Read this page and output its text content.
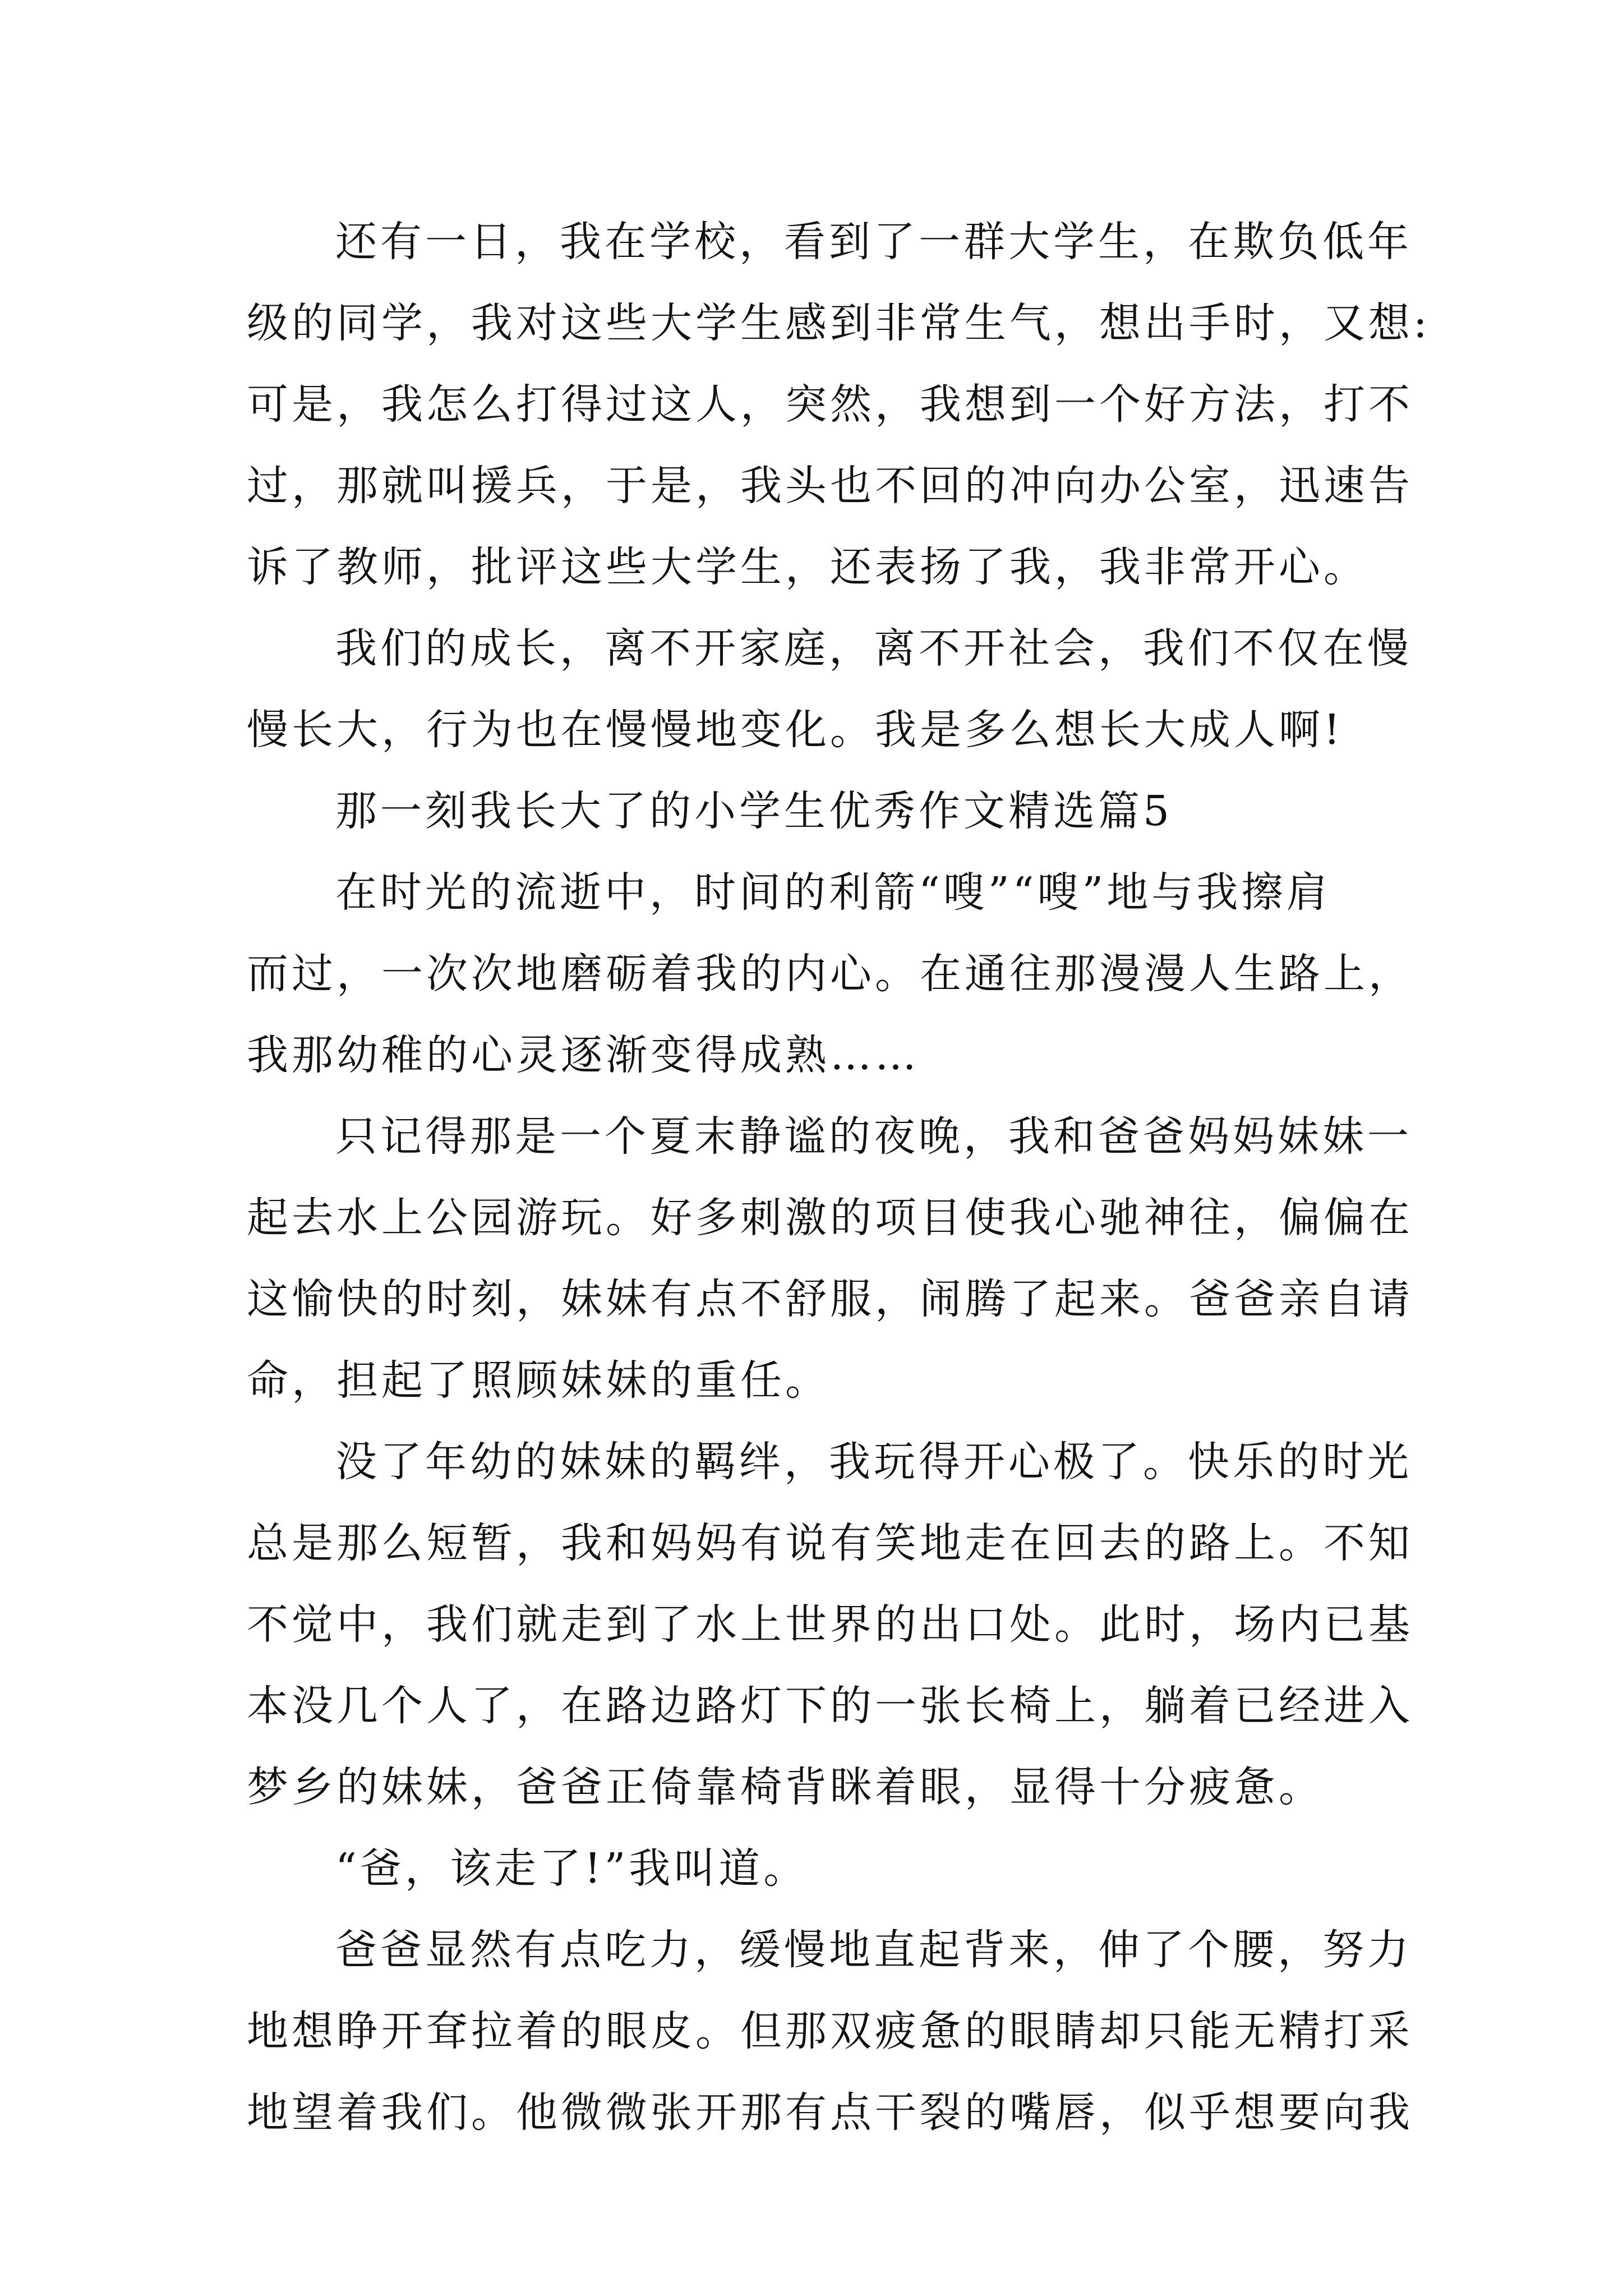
还有一日，我在学校，看到了一群大学生，在欺负低年

级的同学，我对这些大学生感到非常生气，想出手时，又想:

可是，我怎么打得过这人，突然，我想到一个好方法，打不

过，那就叫援兵，于是，我头也不回的冲向办公室，迅速告

诉了教师，批评这些大学生，还表扬了我，我非常开心。

我们的成长，离不开家庭，离不开社会，我们不仅在慢

慢长大，行为也在慢慢地变化。我是多么想长大成人啊!

那一刻我长大了的小学生优秀作文精选篇5

在时光的流逝中，时间的利箭“嗖”“嗖”地与我擦肩

而过，一次次地磨砺着我的内心。在通往那漫漫人生路上，

我那幼稚的心灵逐渐变得成熟……

只记得那是一个夏末静谧的夜晚，我和爸爸妈妈妹妹一

起去水上公园游玩。好多刺激的项目使我心驰神往，偏偏在

这愉快的时刻，妹妹有点不舒服，闹腾了起来。爸爸亲自请

命，担起了照顾妹妹的重任。

没了年幼的妹妹的羁绊，我玩得开心极了。快乐的时光

总是那么短暂，我和妈妈有说有笑地走在回去的路上。不知

不觉中，我们就走到了水上世界的出口处。此时，场内已基

本没几个人了，在路边路灯下的一张长椅上，躺着已经进入

梦乡的妹妹，爸爸正倚靠椅背眯着眼，显得十分疲惫。

“爸，该走了!”我叫道。

爸爸显然有点吃力，缓慢地直起背来，伸了个腰，努力

地想睁开耷拉着的眼皮。但那双疲惫的眼睛却只能无精打采

地望着我们。他微微张开那有点干裂的嘴唇，似乎想要向我
